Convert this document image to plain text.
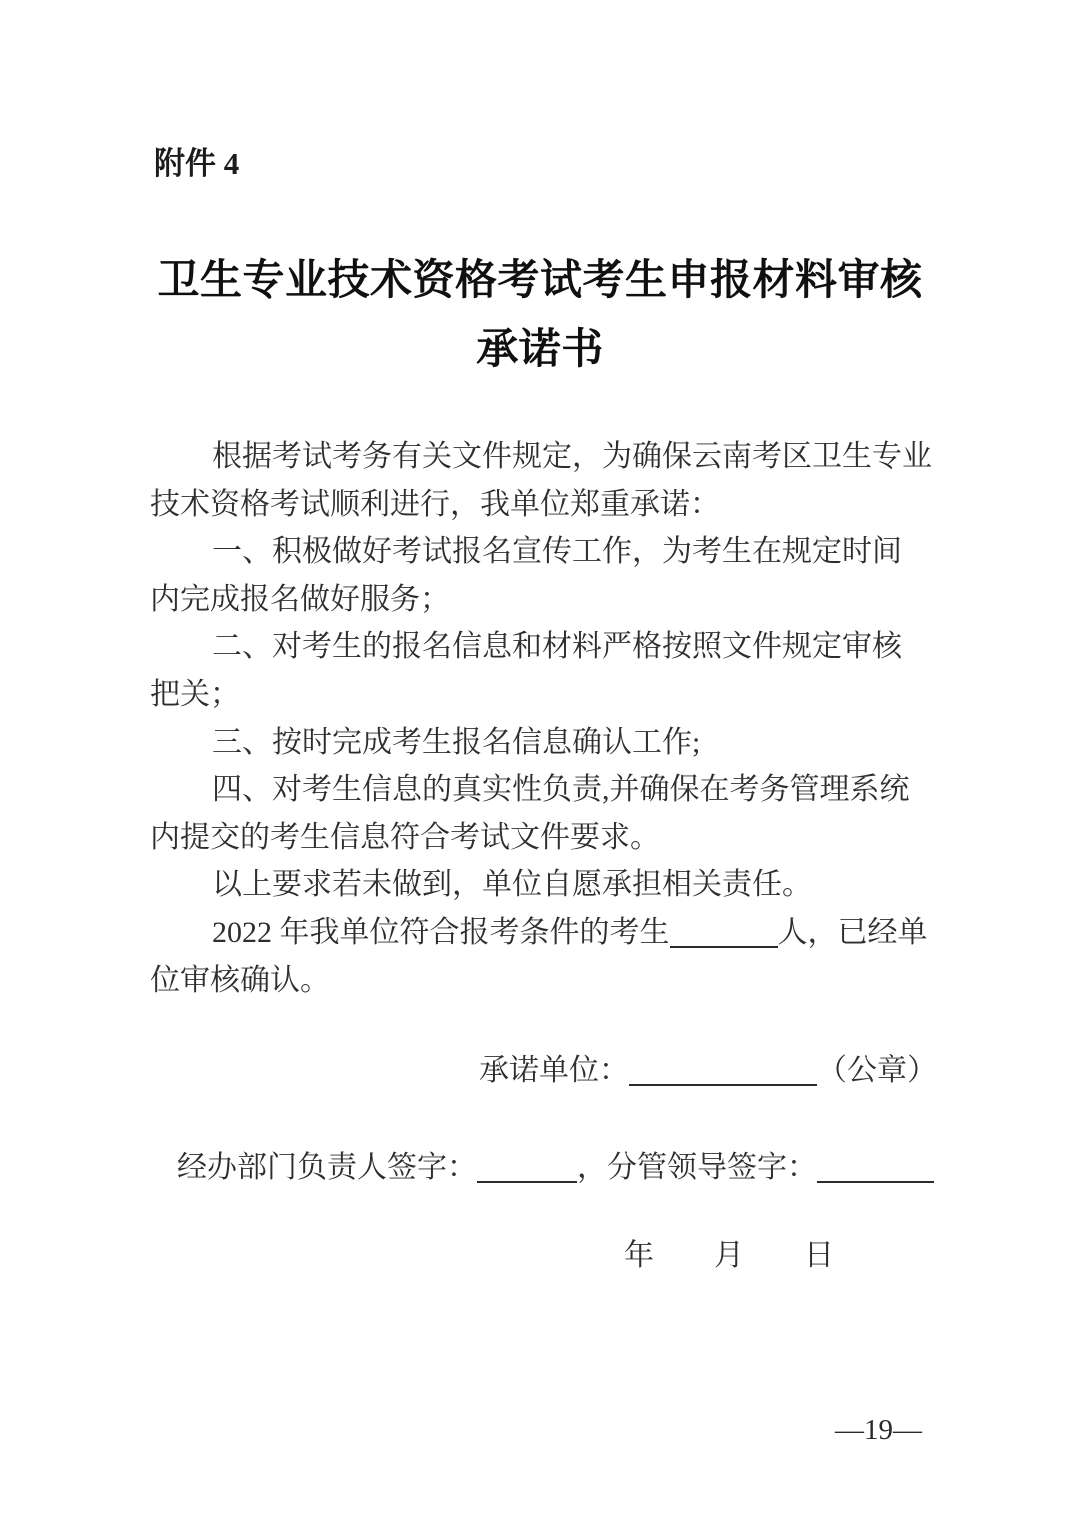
附件 4
卫生专业技术资格考试考生申报材料审核
承诺书
根据考试考务有关文件规定，为确保云南考区卫生专业
技术资格考试顺利进行，我单位郑重承诺：
一、积极做好考试报名宣传工作，为考生在规定时间
内完成报名做好服务；
二、对考生的报名信息和材料严格按照文件规定审核
把关；
三、按时完成考生报名信息确认工作;
四、对考生信息的真实性负责,并确保在考务管理系统
内提交的考生信息符合考试文件要求。
以上要求若未做到，单位自愿承担相关责任。
2022 年我单位符合报考条件的考生	人，已经单
位审核确认。
承诺单位：	（公章）
经办部门负责人签字：	，分管领导签字：
年　　月　　日
—19—
